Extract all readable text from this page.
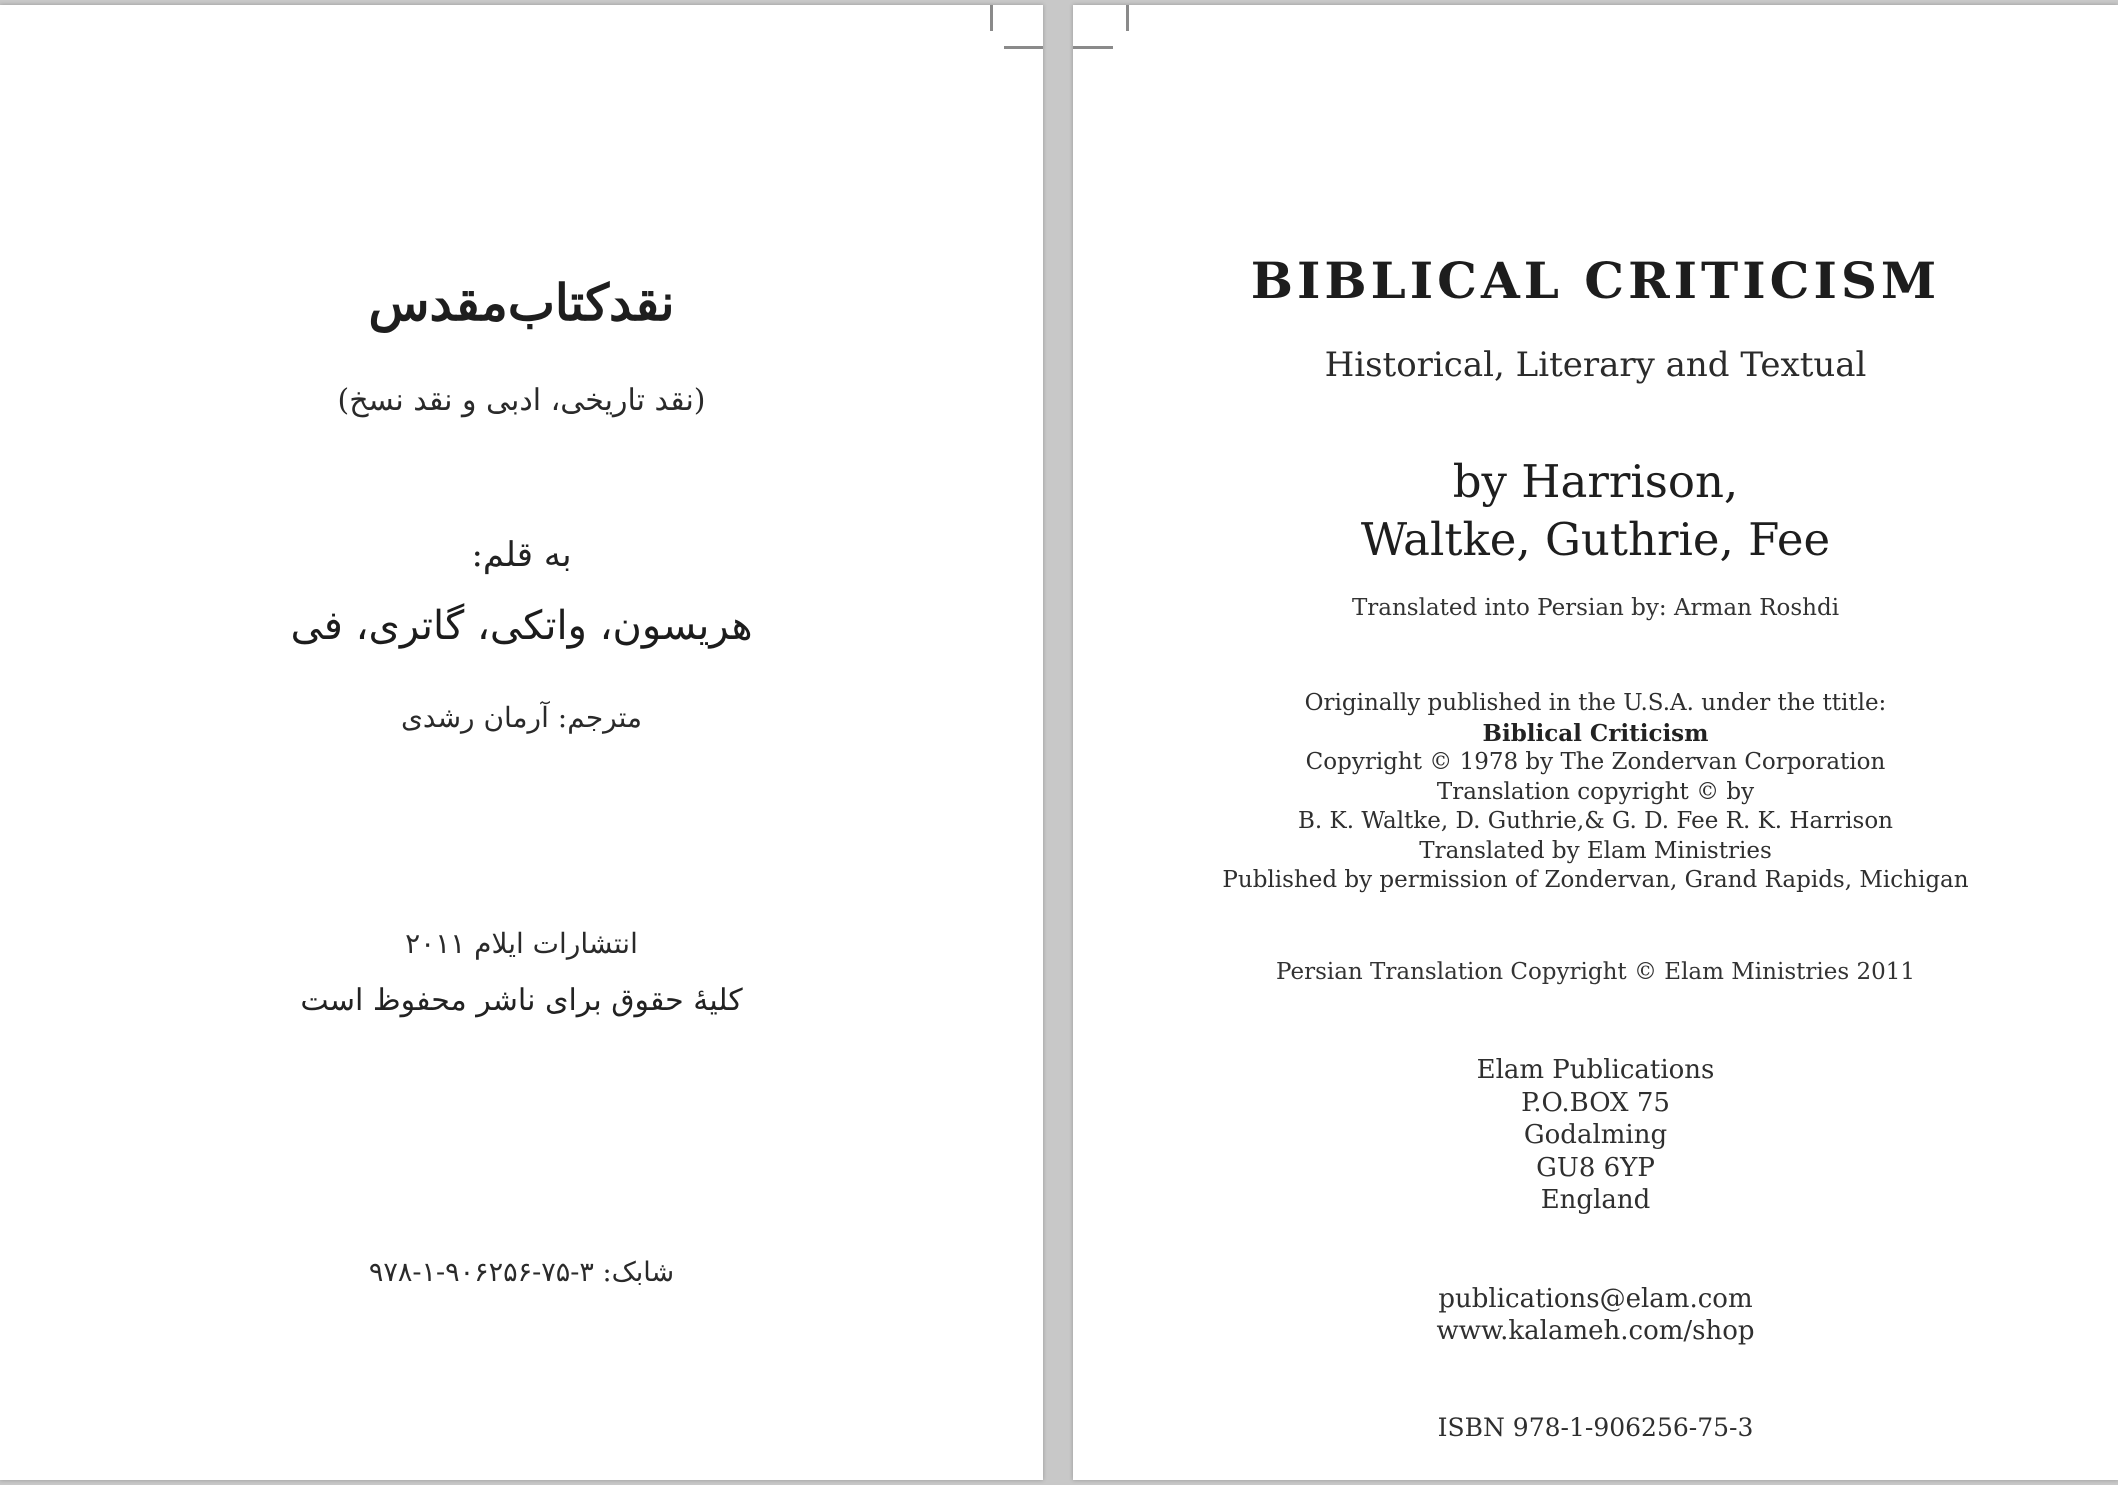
نقدکتاب‌مقدس
(نقد تاریخی، ادبی و نقد نسخ)
به قلم:
هریسون، واتکی، گاتری، فی
مترجم: آرمان رشدی
انتشارات ایلام ۲۰۱۱
کلیهٔ حقوق برای ناشر محفوظ است
شابک: ۳-۷۵-۹۰۶۲۵۶-۱-۹۷۸
BIBLICAL CRITICISM
Historical, Literary and Textual
by Harrison,
Waltke, Guthrie, Fee
Translated into Persian by: Arman Roshdi
Originally published in the U.S.A. under the ttitle:
Biblical Criticism
Copyright © 1978 by The Zondervan Corporation
Translation copyright © by
B. K. Waltke, D. Guthrie,& G. D. Fee R. K. Harrison
Translated by Elam Ministries
Published by permission of Zondervan, Grand Rapids, Michigan
Persian Translation Copyright © Elam Ministries 2011
Elam Publications
P.O.BOX 75
Godalming
GU8 6YP
England
publications@elam.com
www.kalameh.com/shop
ISBN 978-1-906256-75-3
